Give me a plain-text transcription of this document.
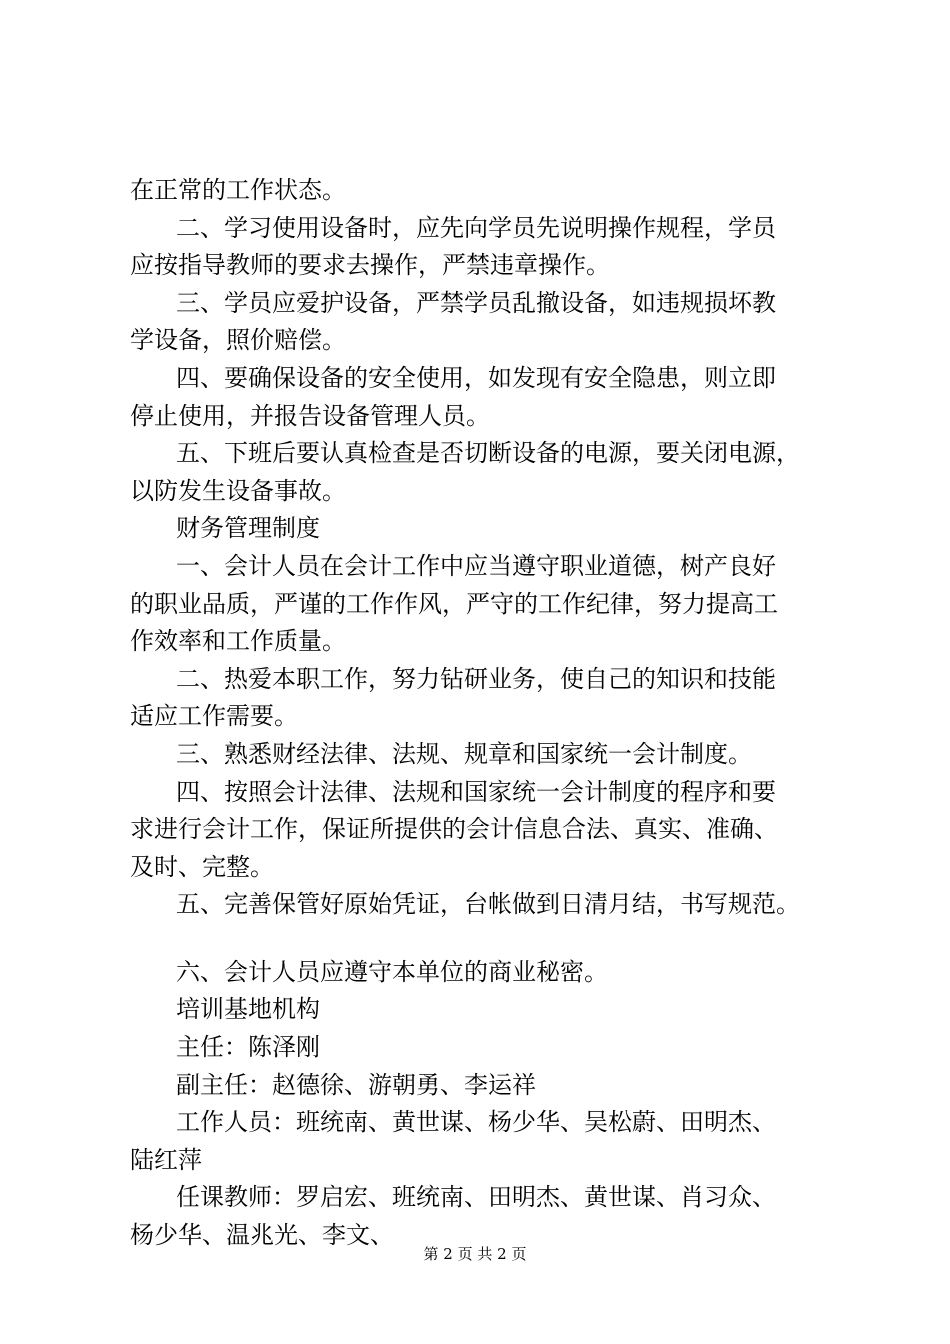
在正常的工作状态。
二、学习使用设备时，应先向学员先说明操作规程，学员
应按指导教师的要求去操作，严禁违章操作。
三、学员应爱护设备，严禁学员乱撤设备，如违规损坏教
学设备，照价赔偿。
四、要确保设备的安全使用，如发现有安全隐患，则立即
停止使用，并报告设备管理人员。
五、下班后要认真检查是否切断设备的电源，要关闭电源，
以防发生设备事故。
财务管理制度
一、会计人员在会计工作中应当遵守职业道德，树产良好
的职业品质，严谨的工作作风，严守的工作纪律，努力提高工
作效率和工作质量。
二、热爱本职工作，努力钻研业务，使自己的知识和技能
适应工作需要。
三、熟悉财经法律、法规、规章和国家统一会计制度。
四、按照会计法律、法规和国家统一会计制度的程序和要
求进行会计工作，保证所提供的会计信息合法、真实、准确、
及时、完整。
五、完善保管好原始凭证，台帐做到日清月结，书写规范。
六、会计人员应遵守本单位的商业秘密。
培训基地机构
主任：陈泽刚
副主任：赵德徐、游朝勇、李运祥
工作人员：班统南、黄世谋、杨少华、吴松蔚、田明杰、
陆红萍
任课教师：罗启宏、班统南、田明杰、黄世谋、肖习众、
杨少华、温兆光、李文、
第 2 页 共 2 页
